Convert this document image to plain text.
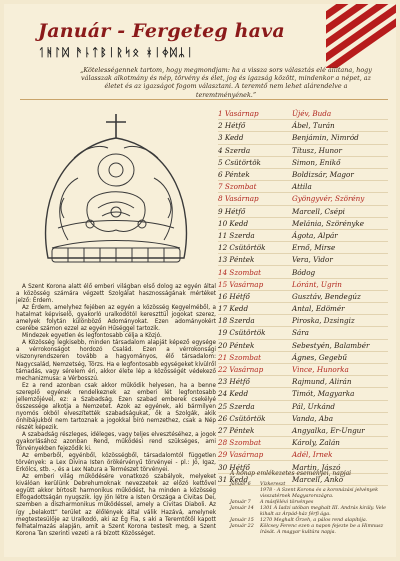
Január - Fergeteg hava
ᛐᚻᛚᛞ ᚫᚿᛏᛒᛁᚱᛋᛟ ᚼᛁᛄᛞᛦᛁ
„Kötelességennek tartom, hogy megmondjam: ha a vissza sors választás elé állítana, hogy válasszak alkotmány és nép, törvény és élet, jog és igazság között, mindenkor a népet, az életet és az igazságot fogom választani. A teremtő nem lehet alárendelve a teremtményének.”

A Szent Korona alatt élő emberi világban első dolog az egyén által a közösség számára végzett Szolgálat hasznosságának mértéket jelző: Érdem.

Az Érdem, amelyhez fejében az egyén a közösség Kegyelméből, a hatalmat képviselő, gyakorló uralkodótól kereszttül jogokat szerez, amelyek folytán különböző Adományokat. Ezen adományokért cserébe számon ezzel az egyén Hűséggel tartozik.

Mindezek egyetlen és legfontosabb célja a Közjó.

A Közösség legkisebb, minden társadalom alapját képező egysége a vérrokonságot hordozó Család. Ezen a vérrokonsági viszonyrendszeren tovább a hagyományos, élő társadalom: Nagycsalád, Nemzetség, Törzs. Ha e legfontosabb egységeket kívülről támadás, vagy sérelem éri, akkor élete lép a közösségét védekező mechanizmusa: a Vérbosszú.

Ez a rend azonban csak akkor működik helyesen, ha a benne szereplő egyének rendelkeznek az emberi lét legfontosabb jellemzőjével, ez: a Szabadság. Ezen szabad emberek csekélyé összessége alkotja a Nemzetet. Azok az egyének, aki bármilyen nyomós okból elveszítették szabadságukat, ők a Szolgák, akik önhibájukból nem tartoznak a jogokkal bíró nemzethez, csak a Nép részét képezik.

A szabadság részleges, idéleges, vagy teljes elvesztéséhez, a jogok gyakorlásához azonban Rend, működési rend szükséges, ami Törvényekben fejeződik ki.

Az emberből, egyénből, közösségből, társadalomtól független törvények: a Lex Divina Isten örökérvényű törvényei - pl.: Jó, Igaz, Erkölcs, stb. -, és a Lex Natura a Természet törvényei.

Az emberi világ működésére vonatkozó szabályok, melyeket kiválóan kerülünk Debrehumoknak nevezzetek az előzó kettővel együtt akkor bírtosít harmonikus működést, ha minden a közösség Elfogadottságán nyugszik. Így jön létre a Isten Országa a Civitas Dei, szemben a diszharmonikus működéssel, amely a Civitas Diaboli. Az így „belakott” terület az élőlények által válik Hazává, amelynek megtestesülője az Uralkodó, aki az Ég Fia, s aki a Teremtőtől kapott felhatalmazás alapján, amit a Szent Korona testesít meg, a Szent Korona Tan szerinti vezeti a rá bízott Közösséget.

1 Vasárnap	Újév, Buda
2 Hétfő	Ábel, Turán
3 Kedd	Benjámin, Nimród
4 Szerda	Títusz, Hunor
5 Csütörtök	Simon, Enikő
6 Péntek	Boldizsár, Magor
7 Szombat	Attila
8 Vasárnap	Gyöngyvér, Szörény
9 Hétfő	Marcell, Csépi
10 Kedd	Melánia, Szörényke
11 Szerda	Ágota, Alpár
12 Csütörtök	Ernő, Mirse
13 Péntek	Vera, Vidor
14 Szombat	Bódog
15 Vasárnap	Lóránt, Ugrin
16 Hétfő	Gusztáv, Bendegúz
17 Kedd	Antal, Edömér
18 Szerda	Piroska, Dzsingiz
19 Csütörtök	Sára
20 Péntek	Sebestyén, Balambér
21 Szombat	Ágnes, Gegebű
22 Vasárnap	Vince, Hunorka
23 Hétfő	Rajmund, Alirán
24 Kedd	Timót, Magyarka
25 Szerda	Pál, Urkánd
26 Csütörtök	Vanda, Aba
27 Péntek	Angyalka, Er-Ungur
28 Szombat	Károly, Zalán
29 Vasárnap	Adél, Irnek
30 Hétfő	Martin, Jászó
31 Kedd	Marcell, Ankó
A hónap emlékezetes eseményei, napjai
Január 6	Vízkereszt
1978 - A Szent Korona és a koronázási jelvények visszatérnek Magyarországra.
Január 7	A másfélévi törvényes
Január 14	1301 Á Iadzi utóban meghalt III. András király. Vele kihalt az Árpád-ház férfi ága.
Január 15	1270 Meghalt Őrzeh, a pálos rend alapítója.
Január 22	Kölcsey Ferenc ezen a napon fejezte be a Himnusz írását. A magyar kultúra napja.
